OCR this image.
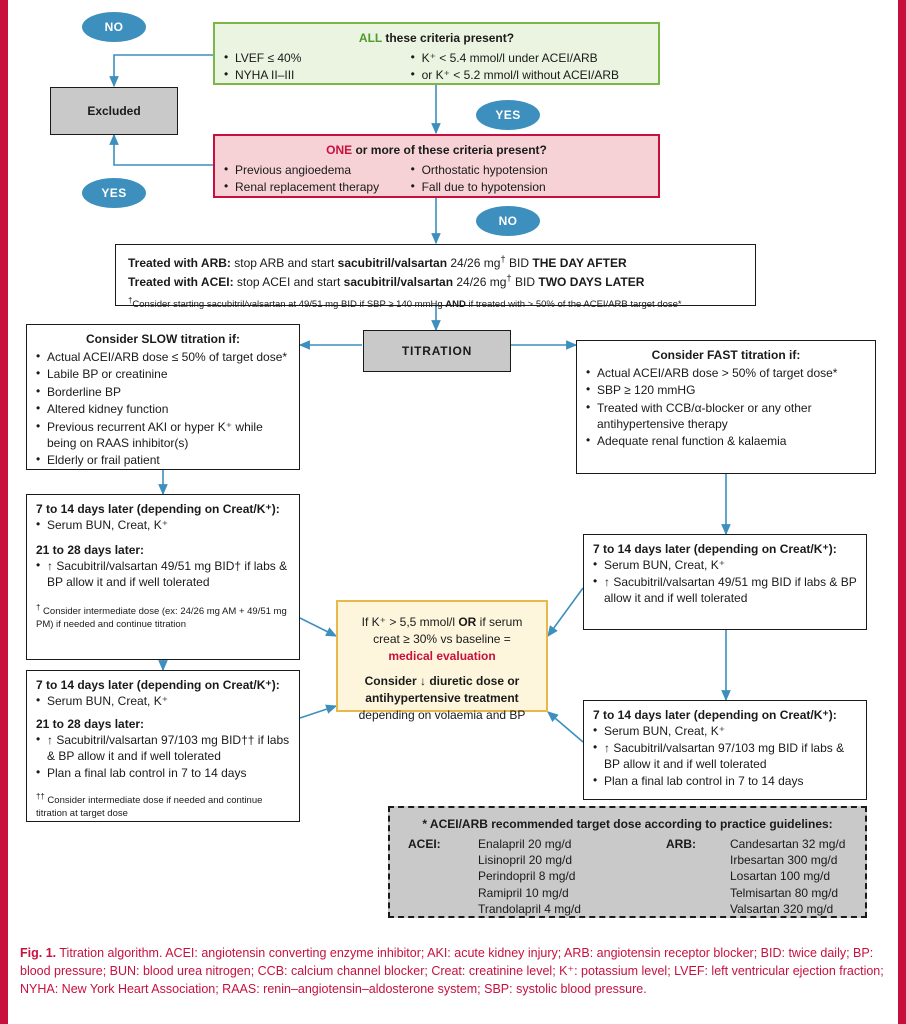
NO
ALL these criteria present?
• LVEF ≤ 40%
• NYHA II–III
• K⁺ < 5.4 mmol/l under ACEI/ARB
• or K⁺ < 5.2 mmol/l without ACEI/ARB
Excluded	YES
ONE or more of these criteria present?
• Previous angioedema
• Renal replacement therapy
• Orthostatic hypotension
• Fall due to hypotension
YES
NO
Treated with ARB: stop ARB and start sacubitril/valsartan 24/26 mg† BID THE DAY AFTER
Treated with ACEI: stop ACEI and start sacubitril/valsartan 24/26 mg† BID TWO DAYS LATER
†Consider starting sacubitril/valsartan at 49/51 mg BID if SBP ≥ 140 mmHg AND if treated with > 50% of the ACEI/ARB target dose*
TITRATION
Consider SLOW titration if:
• Actual ACEI/ARB dose ≤ 50% of target dose*
• Labile BP or creatinine
• Borderline BP
• Altered kidney function
• Previous recurrent AKI or hyper K⁺ while being on RAAS inhibitor(s)
• Elderly or frail patient
Consider FAST titration if:
• Actual ACEI/ARB dose > 50% of target dose*
• SBP ≥ 120 mmHG
• Treated with CCB/α-blocker or any other antihypertensive therapy
• Adequate renal function & kalaemia
7 to 14 days later (depending on Creat/K⁺):
• Serum BUN, Creat, K⁺
21 to 28 days later:
• ↑ Sacubitril/valsartan 49/51 mg BID† if labs & BP allow it and if well tolerated
† Consider intermediate dose (ex: 24/26 mg AM + 49/51 mg PM) if needed and continue titration
7 to 14 days later (depending on Creat/K⁺):
• Serum BUN, Creat, K⁺
21 to 28 days later:
• ↑ Sacubitril/valsartan 97/103 mg BID†† if labs & BP allow it and if well tolerated
• Plan a final lab control in 7 to 14 days
†† Consider intermediate dose if needed and continue titration at target dose
7 to 14 days later (depending on Creat/K⁺):
• Serum BUN, Creat, K⁺
• ↑ Sacubitril/valsartan 49/51 mg BID if labs & BP allow it and if well tolerated
7 to 14 days later (depending on Creat/K⁺):
• Serum BUN, Creat, K⁺
• ↑ Sacubitril/valsartan 97/103 mg BID if labs & BP allow it and if well tolerated
• Plan a final lab control in 7 to 14 days
If K⁺ > 5,5 mmol/l OR if serum
creat ≥ 30% vs baseline =
medical evaluation
Consider ↓ diuretic dose or
antihypertensive treatment
depending on volaemia and BP
* ACEI/ARB recommended target dose according to practice guidelines:
ACEI:	Enalapril 20 mg/d	ARB:	Candesartan 32 mg/d
	Lisinopril 20 mg/d		Irbesartan 300 mg/d
	Perindopril 8 mg/d		Losartan 100 mg/d
	Ramipril 10 mg/d		Telmisartan 80 mg/d
	Trandolapril 4 mg/d		Valsartan 320 mg/d
Fig. 1. Titration algorithm. ACEI: angiotensin converting enzyme inhibitor; AKI: acute kidney injury; ARB: angiotensin receptor blocker; BID: twice daily; BP: blood pressure; BUN: blood urea nitrogen; CCB: calcium channel blocker; Creat: creatinine level; K⁺: potassium level; LVEF: left ventricular ejection fraction; NYHA: New York Heart Association; RAAS: renin–angiotensin–aldosterone system; SBP: systolic blood pressure.
